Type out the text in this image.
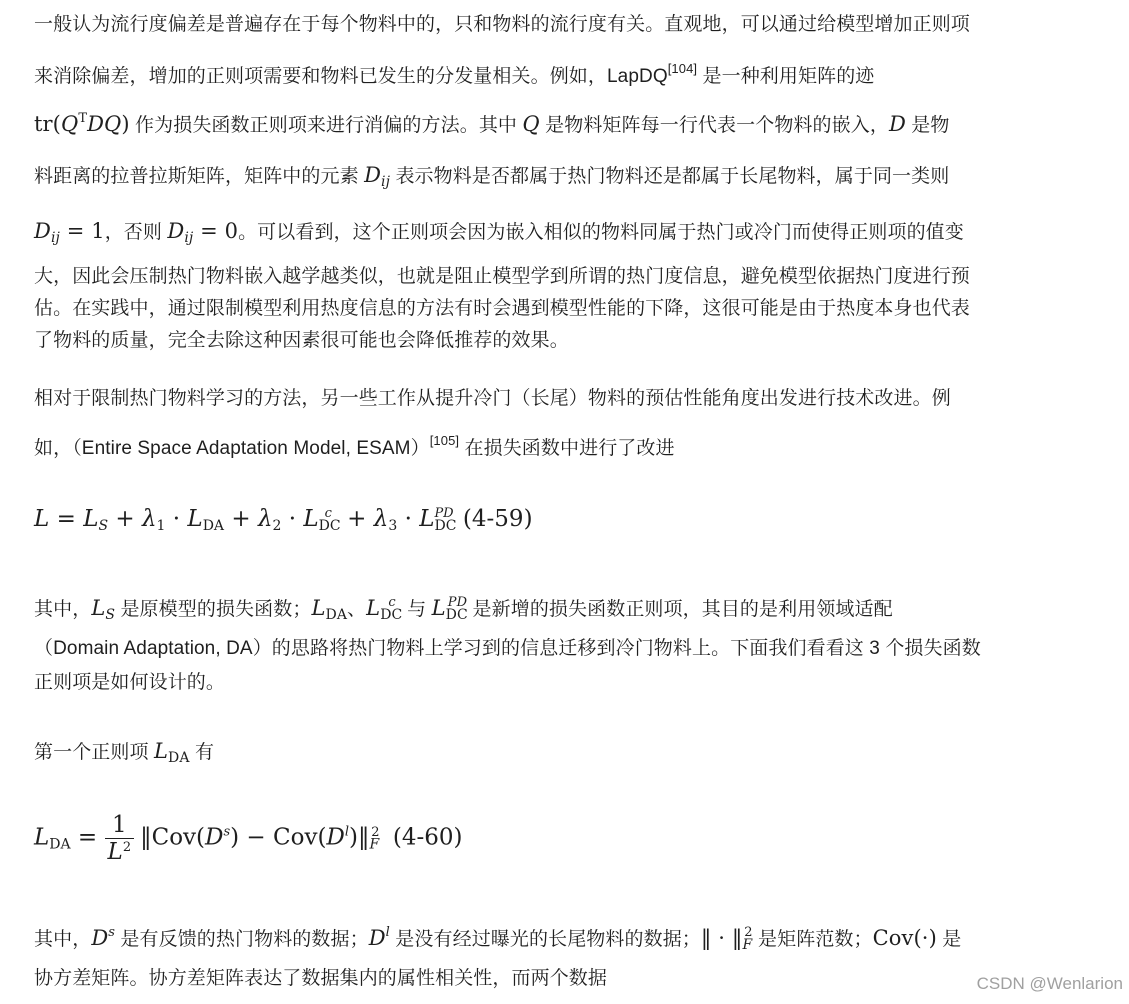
一般认为流行度偏差是普遍存在于每个物料中的，只和物料的流行度有关。直观地，可以通过给模型增加正则项
来消除偏差，增加的正则项需要和物料已发生的分发量相关。例如，LapDQ[104] 是一种利用矩阵的迹
$tr(Q^TDQ)$ 作为损失函数正则项来进行消偏的方法。其中 Q 是物料矩阵每一行代表一个物料的嵌入，D 是物
料距离的拉普拉斯矩阵，矩阵中的元素 $D_{ij}$ 表示物料是否都属于热门物料还是都属于长尾物料，属于同一类则
$D_{ij} = 1$，否则 $D_{ij} = 0$。可以看到，这个正则项会因为嵌入相似的物料同属于热门或冷门而使得正则项的值变
大，因此会压制热门物料嵌入越学越类似，也就是阻止模型学到所谓的热门度信息，避免模型依据热门度进行预
估。在实践中，通过限制模型利用热度信息的方法有时会遇到模型性能的下降，这很可能是由于热度本身也代表
了物料的质量，完全去除这种因素很可能也会降低推荐的效果。
相对于限制热门物料学习的方法，另一些工作从提升冷门（长尾）物料的预估性能角度出发进行技术改进。例
如，（Entire Space Adaptation Model, ESAM）[105] 在损失函数中进行了改进
$L = L_S + \lambda_1 \cdot L_{DA} + \lambda_2 \cdot L_{DC}^c + \lambda_3 \cdot L_{DC}^{PD}$ (4-59)
其中，$L_S$ 是原模型的损失函数；$L_{DA}$、$L_{DC}^c$ 与 $L_{DC}^{PD}$ 是新增的损失函数正则项，其目的是利用领域适配
（Domain Adaptation, DA）的思路将热门物料上学习到的信息迁移到冷门物料上。下面我们看看这 3 个损失函数
正则项是如何设计的。
第一个正则项 $L_{DA}$ 有
$L_{DA} = \frac{1}{L^2}$ $‖Cov(D^s)$ − $Cov(D^l)‖_F^2$ (4-60)
其中，$D^s$ 是有反馈的热门物料的数据；$D^l$ 是没有经过曝光的长尾物料的数据；‖ · $‖_F^2$ 是矩阵范数；Cov(·) 是
协方差矩阵。协方差矩阵表达了数据集内的属性相关性，而两个数据	CSDN @Wenlarion
